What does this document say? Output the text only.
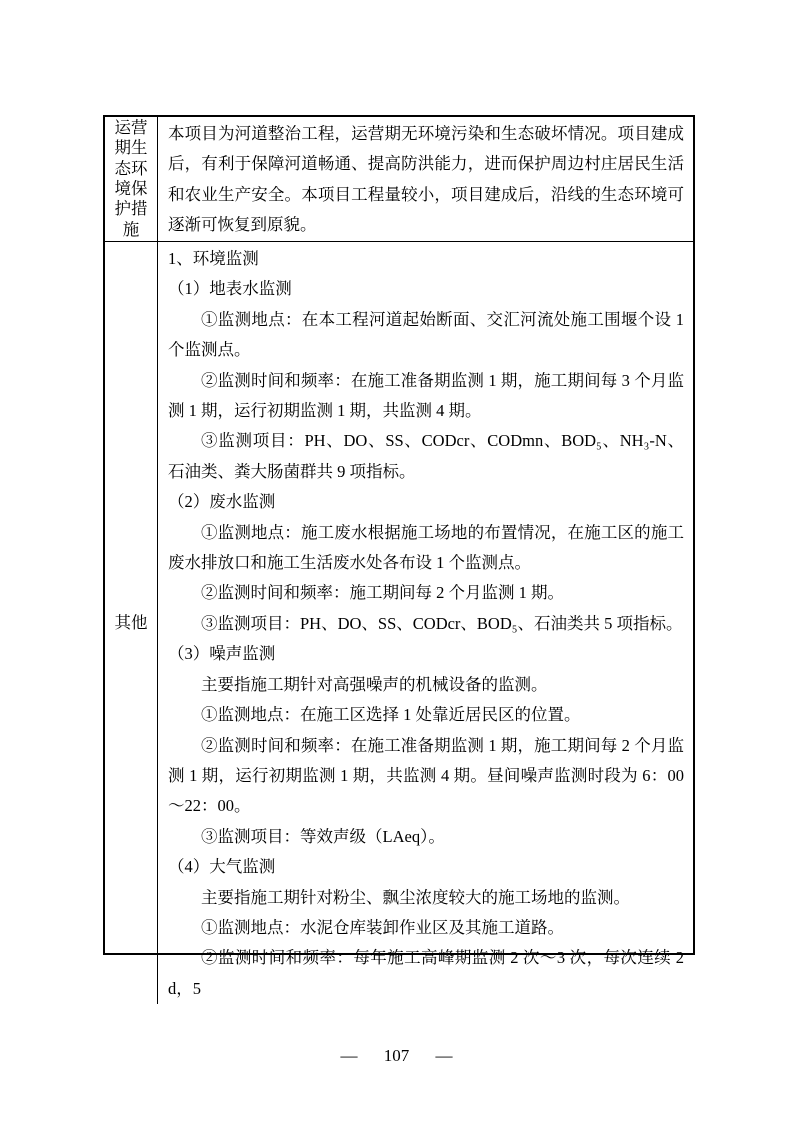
运营期生态环境保护措施

本项目为河道整治工程，运营期无环境污染和生态破坏情况。项目建成后，有利于保障河道畅通、提高防洪能力，进而保护周边村庄居民生活和农业生产安全。本项目工程量较小，项目建成后，沿线的生态环境可逐渐可恢复到原貌。

其他

1、环境监测

（1）地表水监测

①监测地点：在本工程河道起始断面、交汇河流处施工围堰个设 1 个监测点。

②监测时间和频率：在施工准备期监测 1 期，施工期间每 3 个月监测 1 期，运行初期监测 1 期，共监测 4 期。

③监测项目：PH、DO、SS、CODcr、CODmn、BOD₅、NH₃-N、石油类、粪大肠菌群共 9 项指标。

（2）废水监测

①监测地点：施工废水根据施工场地的布置情况，在施工区的施工废水排放口和施工生活废水处各布设 1 个监测点。

②监测时间和频率：施工期间每 2 个月监测 1 期。

③监测项目：PH、DO、SS、CODcr、BOD₅、石油类共 5 项指标。

（3）噪声监测

主要指施工期针对高强噪声的机械设备的监测。

①监测地点：在施工区选择 1 处靠近居民区的位置。

②监测时间和频率：在施工准备期监测 1 期，施工期间每 2 个月监测 1 期，运行初期监测 1 期，共监测 4 期。昼间噪声监测时段为 6：00～22：00。

③监测项目：等效声级（LAeq）。

（4）大气监测

主要指施工期针对粉尘、飘尘浓度较大的施工场地的监测。

①监测地点：水泥仓库装卸作业区及其施工道路。

②监测时间和频率：每年施工高峰期监测 2 次～3 次，每次连续 2d，5

— 107 —
